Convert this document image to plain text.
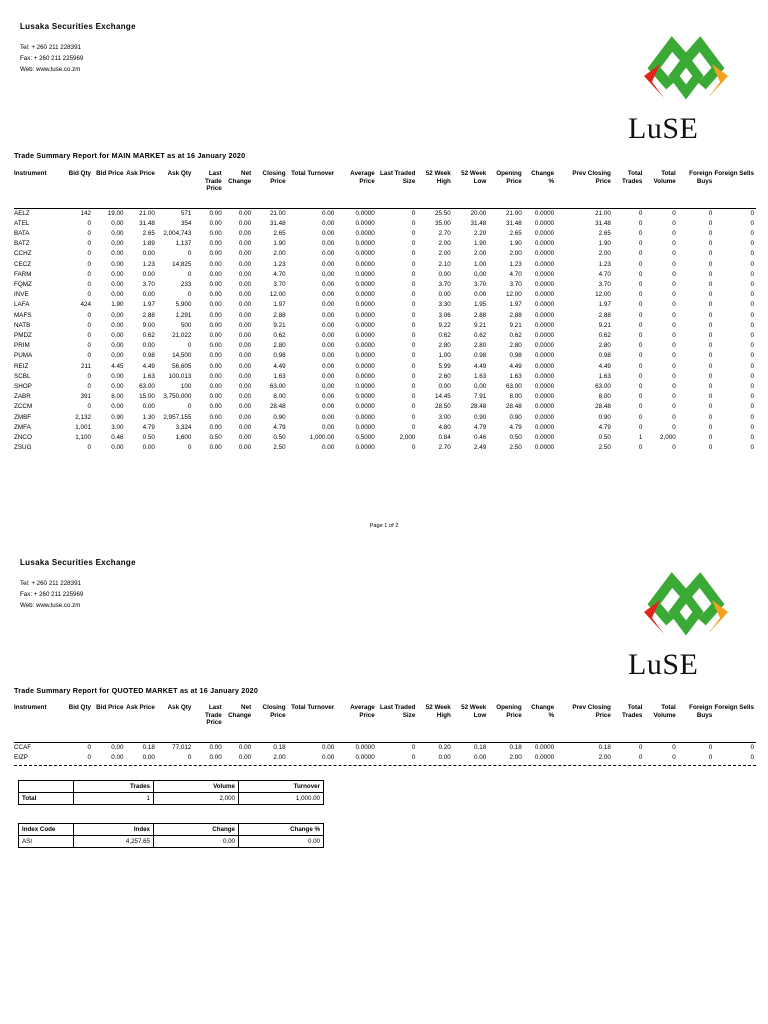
Lusaka Securities Exchange
Tel: + 260 211 228391
Fax: + 260 211 225969
Web: www.luse.co.zm
LuSE
Trade Summary Report for MAIN MARKET as at 16 January 2020
Instrument	Bid Qty	Bid Price	Ask Price	Ask Qty	Last Trade Price	Net Change	Closing Price	Total Turnover	Average Price	Last Traded Size	52 Week High	52 Week Low	Opening Price	Change %	Prev Closing Price	Total Trades	Total Volume	Foreign Buys	Foreign Sells
AELZ	142	19.00	21.00	571	0.00	0.00	21.00	0.00	0.0000	0	25.50	20.00	21.00	0.0000	21.00	0	0	0	0
ATEL	0	0.00	31.48	354	0.00	0.00	31.48	0.00	0.0000	0	35.00	31.48	31.48	0.0000	31.48	0	0	0	0
BATA	0	0.00	2.65	2,004,743	0.00	0.00	2.65	0.00	0.0000	0	2.70	2.20	2.65	0.0000	2.65	0	0	0	0
BATZ	0	0.00	1.89	1,137	0.00	0.00	1.90	0.00	0.0000	0	2.00	1.90	1.90	0.0000	1.90	0	0	0	0
CCHZ	0	0.00	0.00	0	0.00	0.00	2.00	0.00	0.0000	0	2.00	2.00	2.00	0.0000	2.00	0	0	0	0
CECZ	0	0.00	1.23	14,825	0.00	0.00	1.23	0.00	0.0000	0	2.10	1.00	1.23	0.0000	1.23	0	0	0	0
FARM	0	0.00	0.00	0	0.00	0.00	4.70	0.00	0.0000	0	0.00	0.00	4.70	0.0000	4.70	0	0	0	0
FQMZ	0	0.00	3.70	233	0.00	0.00	3.70	0.00	0.0000	0	3.70	3.70	3.70	0.0000	3.70	0	0	0	0
INVE	0	0.00	0.00	0	0.00	0.00	12.00	0.00	0.0000	0	0.00	0.00	12.00	0.0000	12.00	0	0	0	0
LAFA	424	1.90	1.97	5,900	0.00	0.00	1.97	0.00	0.0000	0	3.30	1.95	1.97	0.0000	1.97	0	0	0	0
MAFS	0	0.00	2.88	1,291	0.00	0.00	2.88	0.00	0.0000	0	3.06	2.88	2.88	0.0000	2.88	0	0	0	0
NATB	0	0.00	9.00	500	0.00	0.00	9.21	0.00	0.0000	0	9.22	9.21	9.21	0.0000	9.21	0	0	0	0
PMDZ	0	0.00	0.62	21,022	0.00	0.00	0.62	0.00	0.0000	0	0.62	0.62	0.62	0.0000	0.62	0	0	0	0
PRIM	0	0.00	0.00	0	0.00	0.00	2.80	0.00	0.0000	0	2.80	2.80	2.80	0.0000	2.80	0	0	0	0
PUMA	0	0.00	0.98	14,500	0.00	0.00	0.98	0.00	0.0000	0	1.00	0.98	0.98	0.0000	0.98	0	0	0	0
REIZ	211	4.45	4.49	56,605	0.00	0.00	4.49	0.00	0.0000	0	5.99	4.49	4.49	0.0000	4.49	0	0	0	0
SCBL	0	0.00	1.63	100,013	0.00	0.00	1.63	0.00	0.0000	0	2.60	1.63	1.63	0.0000	1.63	0	0	0	0
SHOP	0	0.00	63.00	100	0.00	0.00	63.00	0.00	0.0000	0	0.00	0.00	63.00	0.0000	63.00	0	0	0	0
ZABR	391	8.00	15.00	3,750,000	0.00	0.00	8.00	0.00	0.0000	0	14.45	7.91	8.00	0.0000	8.00	0	0	0	0
ZCCM	0	0.00	0.00	0	0.00	0.00	28.48	0.00	0.0000	0	28.50	28.48	28.48	0.0000	28.48	0	0	0	0
ZMBF	2,132	0.90	1.30	2,957,155	0.00	0.00	0.90	0.00	0.0000	0	3.00	0.90	0.90	0.0000	0.90	0	0	0	0
ZMFA	1,001	3.00	4.79	3,324	0.00	0.00	4.79	0.00	0.0000	0	4.80	4.79	4.79	0.0000	4.79	0	0	0	0
ZNCO	1,100	0.46	0.50	1,600	0.50	0.00	0.50	1,000.00	0.5000	2,000	0.84	0.46	0.50	0.0000	0.50	1	2,000	0	0
ZSUG	0	0.00	0.00	0	0.00	0.00	2.50	0.00	0.0000	0	2.70	2.49	2.50	0.0000	2.50	0	0	0	0
Page 1 of 2
Lusaka Securities Exchange
Tel: + 260 211 228391
Fax: + 260 211 225969
Web: www.luse.co.zm
LuSE
Trade Summary Report for QUOTED MARKET as at 16 January 2020
Instrument	Bid Qty	Bid Price	Ask Price	Ask Qty	Last Trade Price	Net Change	Closing Price	Total Turnover	Average Price	Last Traded Size	52 Week High	52 Week Low	Opening Price	Change %	Prev Closing Price	Total Trades	Total Volume	Foreign Buys	Foreign Sells
CCAF	0	0.00	0.18	77,012	0.00	0.00	0.18	0.00	0.0000	0	0.20	0.18	0.18	0.0000	0.18	0	0	0	0
EIZP	0	0.00	0.00	0	0.00	0.00	2.00	0.00	0.0000	0	0.00	0.00	2.00	0.0000	2.00	0	0	0	0
	Trades	Volume	Turnover
Total	1	2,000	1,000.00
Index Code	Index	Change	Change %
ASI	4,257.65	0.00	0.00
